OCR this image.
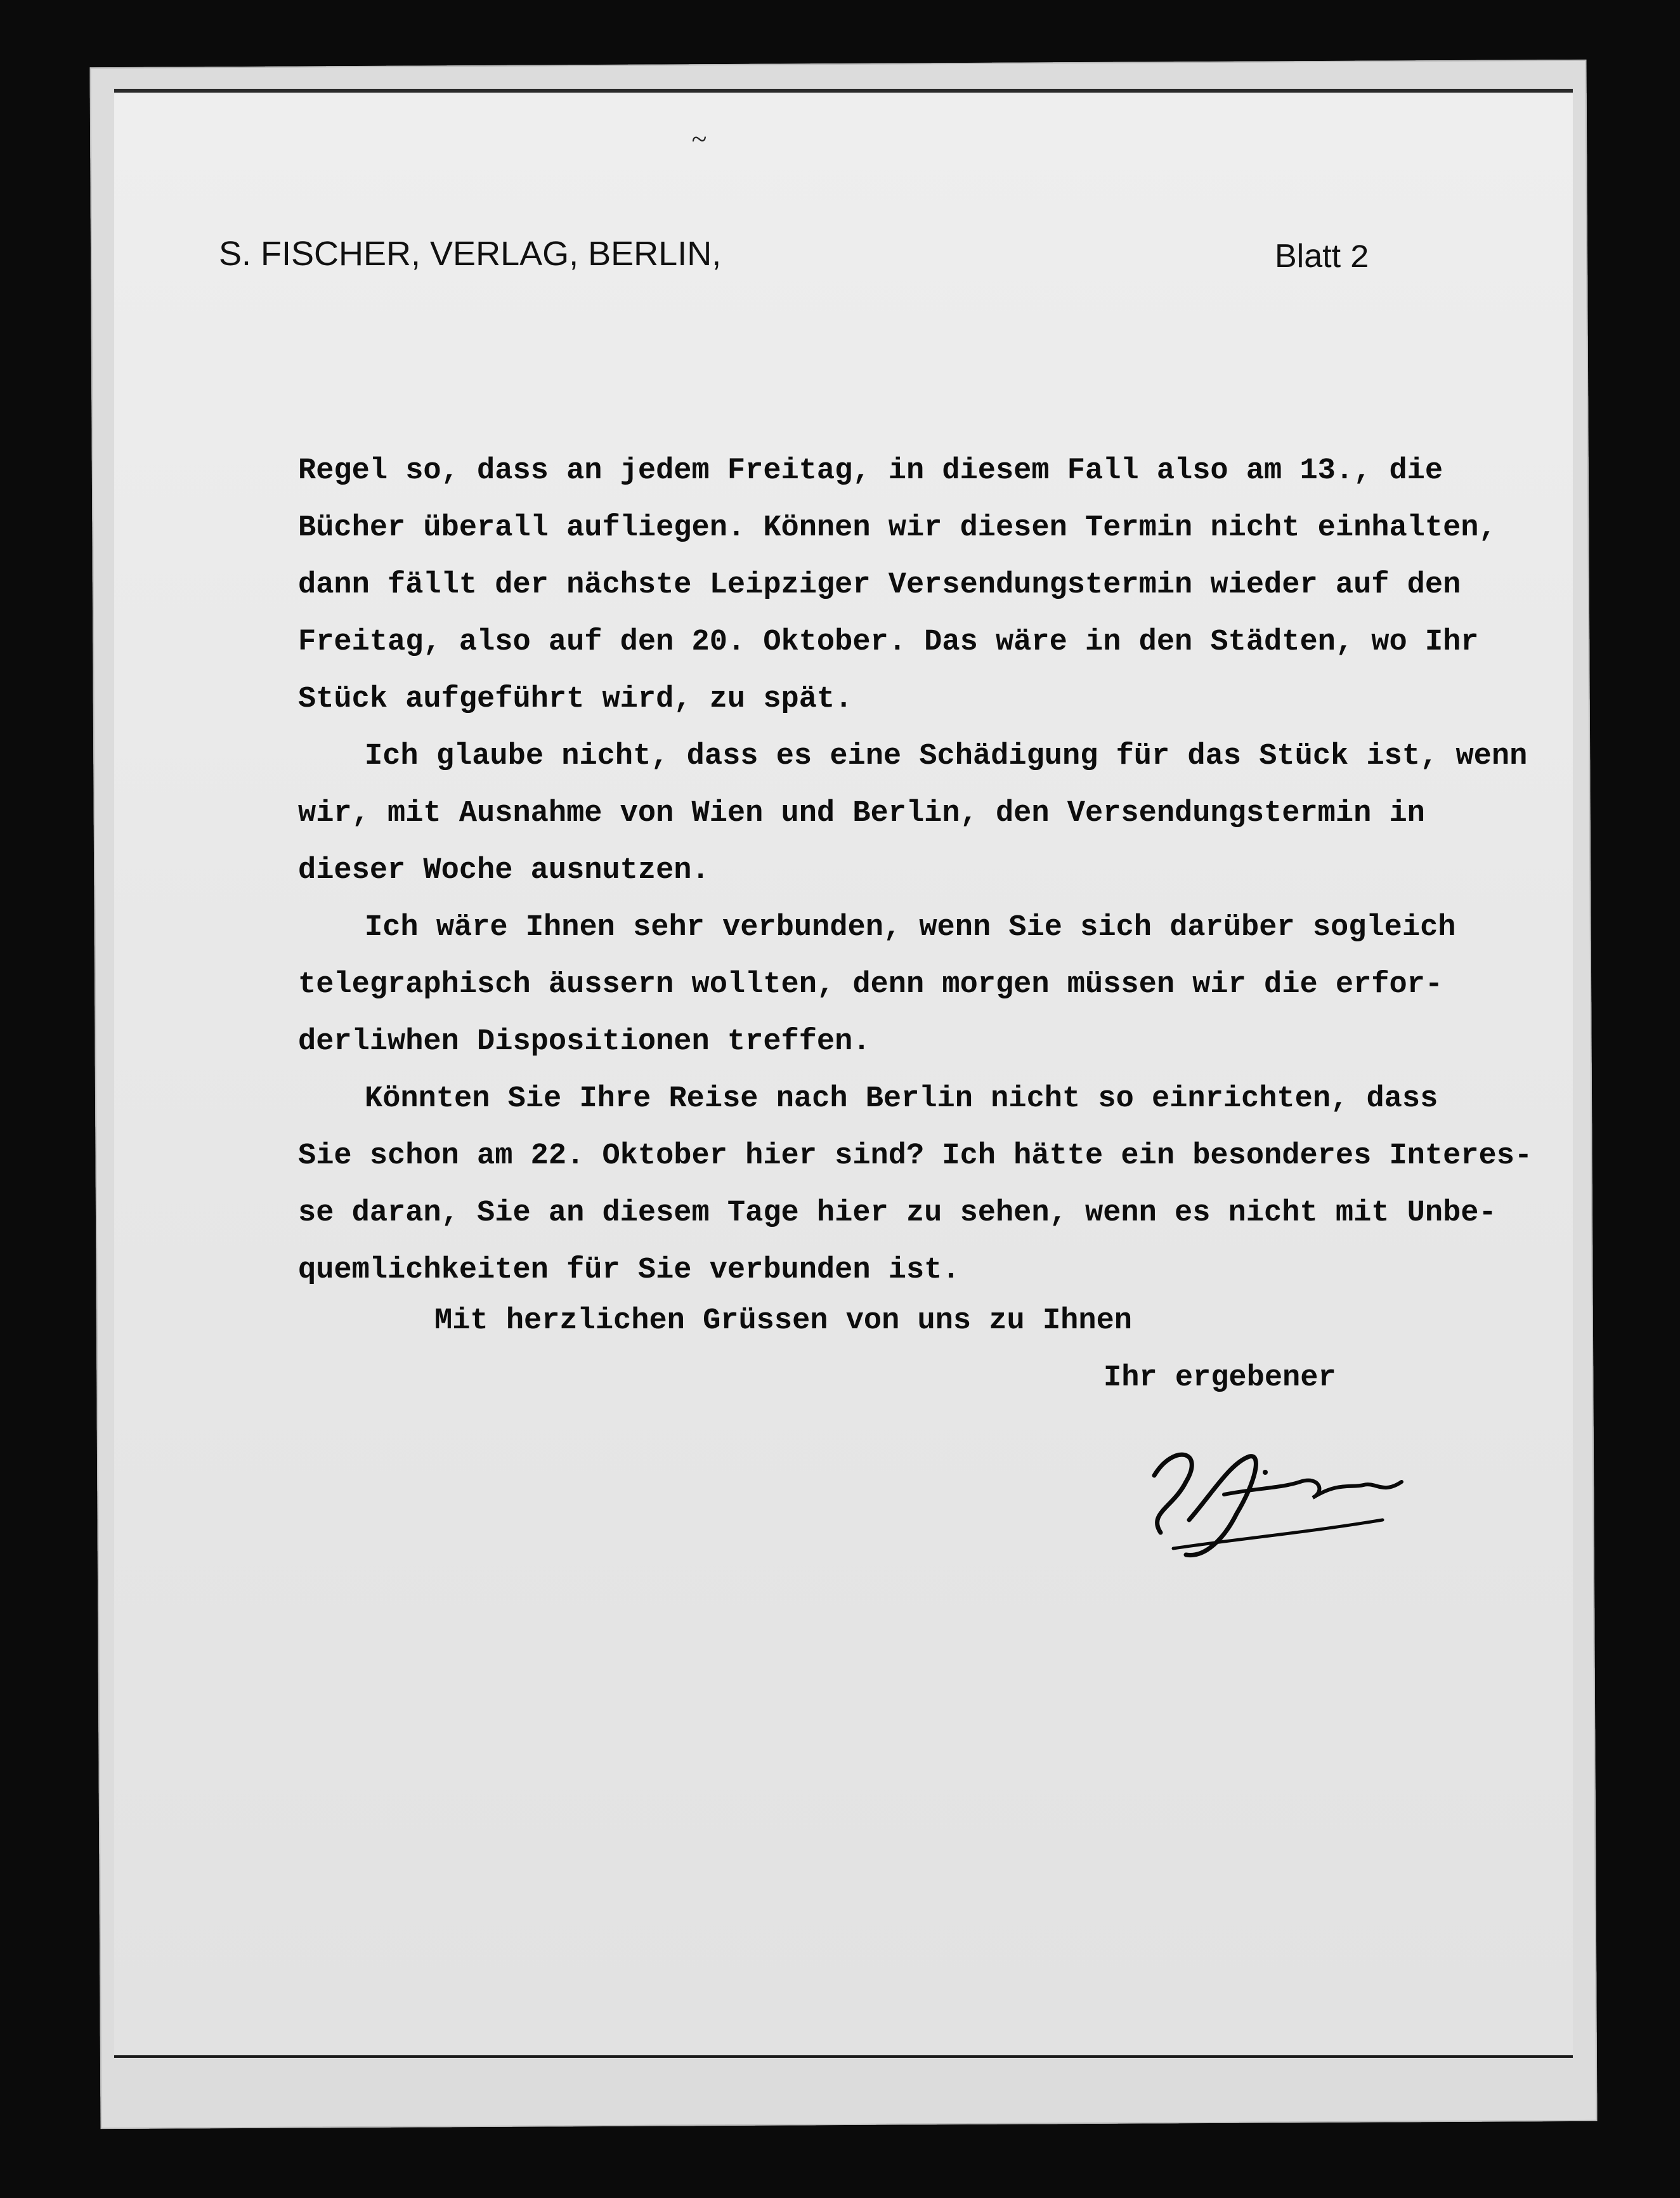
~
S. FISCHER, VERLAG, BERLIN,	Blatt 2
Regel so, dass an jedem Freitag, in diesem Fall also am 13., die
Bücher überall aufliegen. Können wir diesen Termin nicht einhalten,
dann fällt der nächste Leipziger Versendungstermin wieder auf den
Freitag, also auf den 20. Oktober. Das wäre in den Städten, wo Ihr
Stück aufgeführt wird, zu spät.
Ich glaube nicht, dass es eine Schädigung für das Stück ist, wenn
wir, mit Ausnahme von Wien und Berlin, den Versendungstermin in
dieser Woche ausnutzen.
Ich wäre Ihnen sehr verbunden, wenn Sie sich darüber sogleich
telegraphisch äussern wollten, denn morgen müssen wir die erfor-
derliwhen Dispositionen treffen.
Könnten Sie Ihre Reise nach Berlin nicht so einrichten, dass
Sie schon am 22. Oktober hier sind? Ich hätte ein besonderes Interes-
se daran, Sie an diesem Tage hier zu sehen, wenn es nicht mit Unbe-
quemlichkeiten für Sie verbunden ist.
Mit herzlichen Grüssen von uns zu Ihnen
Ihr ergebener
